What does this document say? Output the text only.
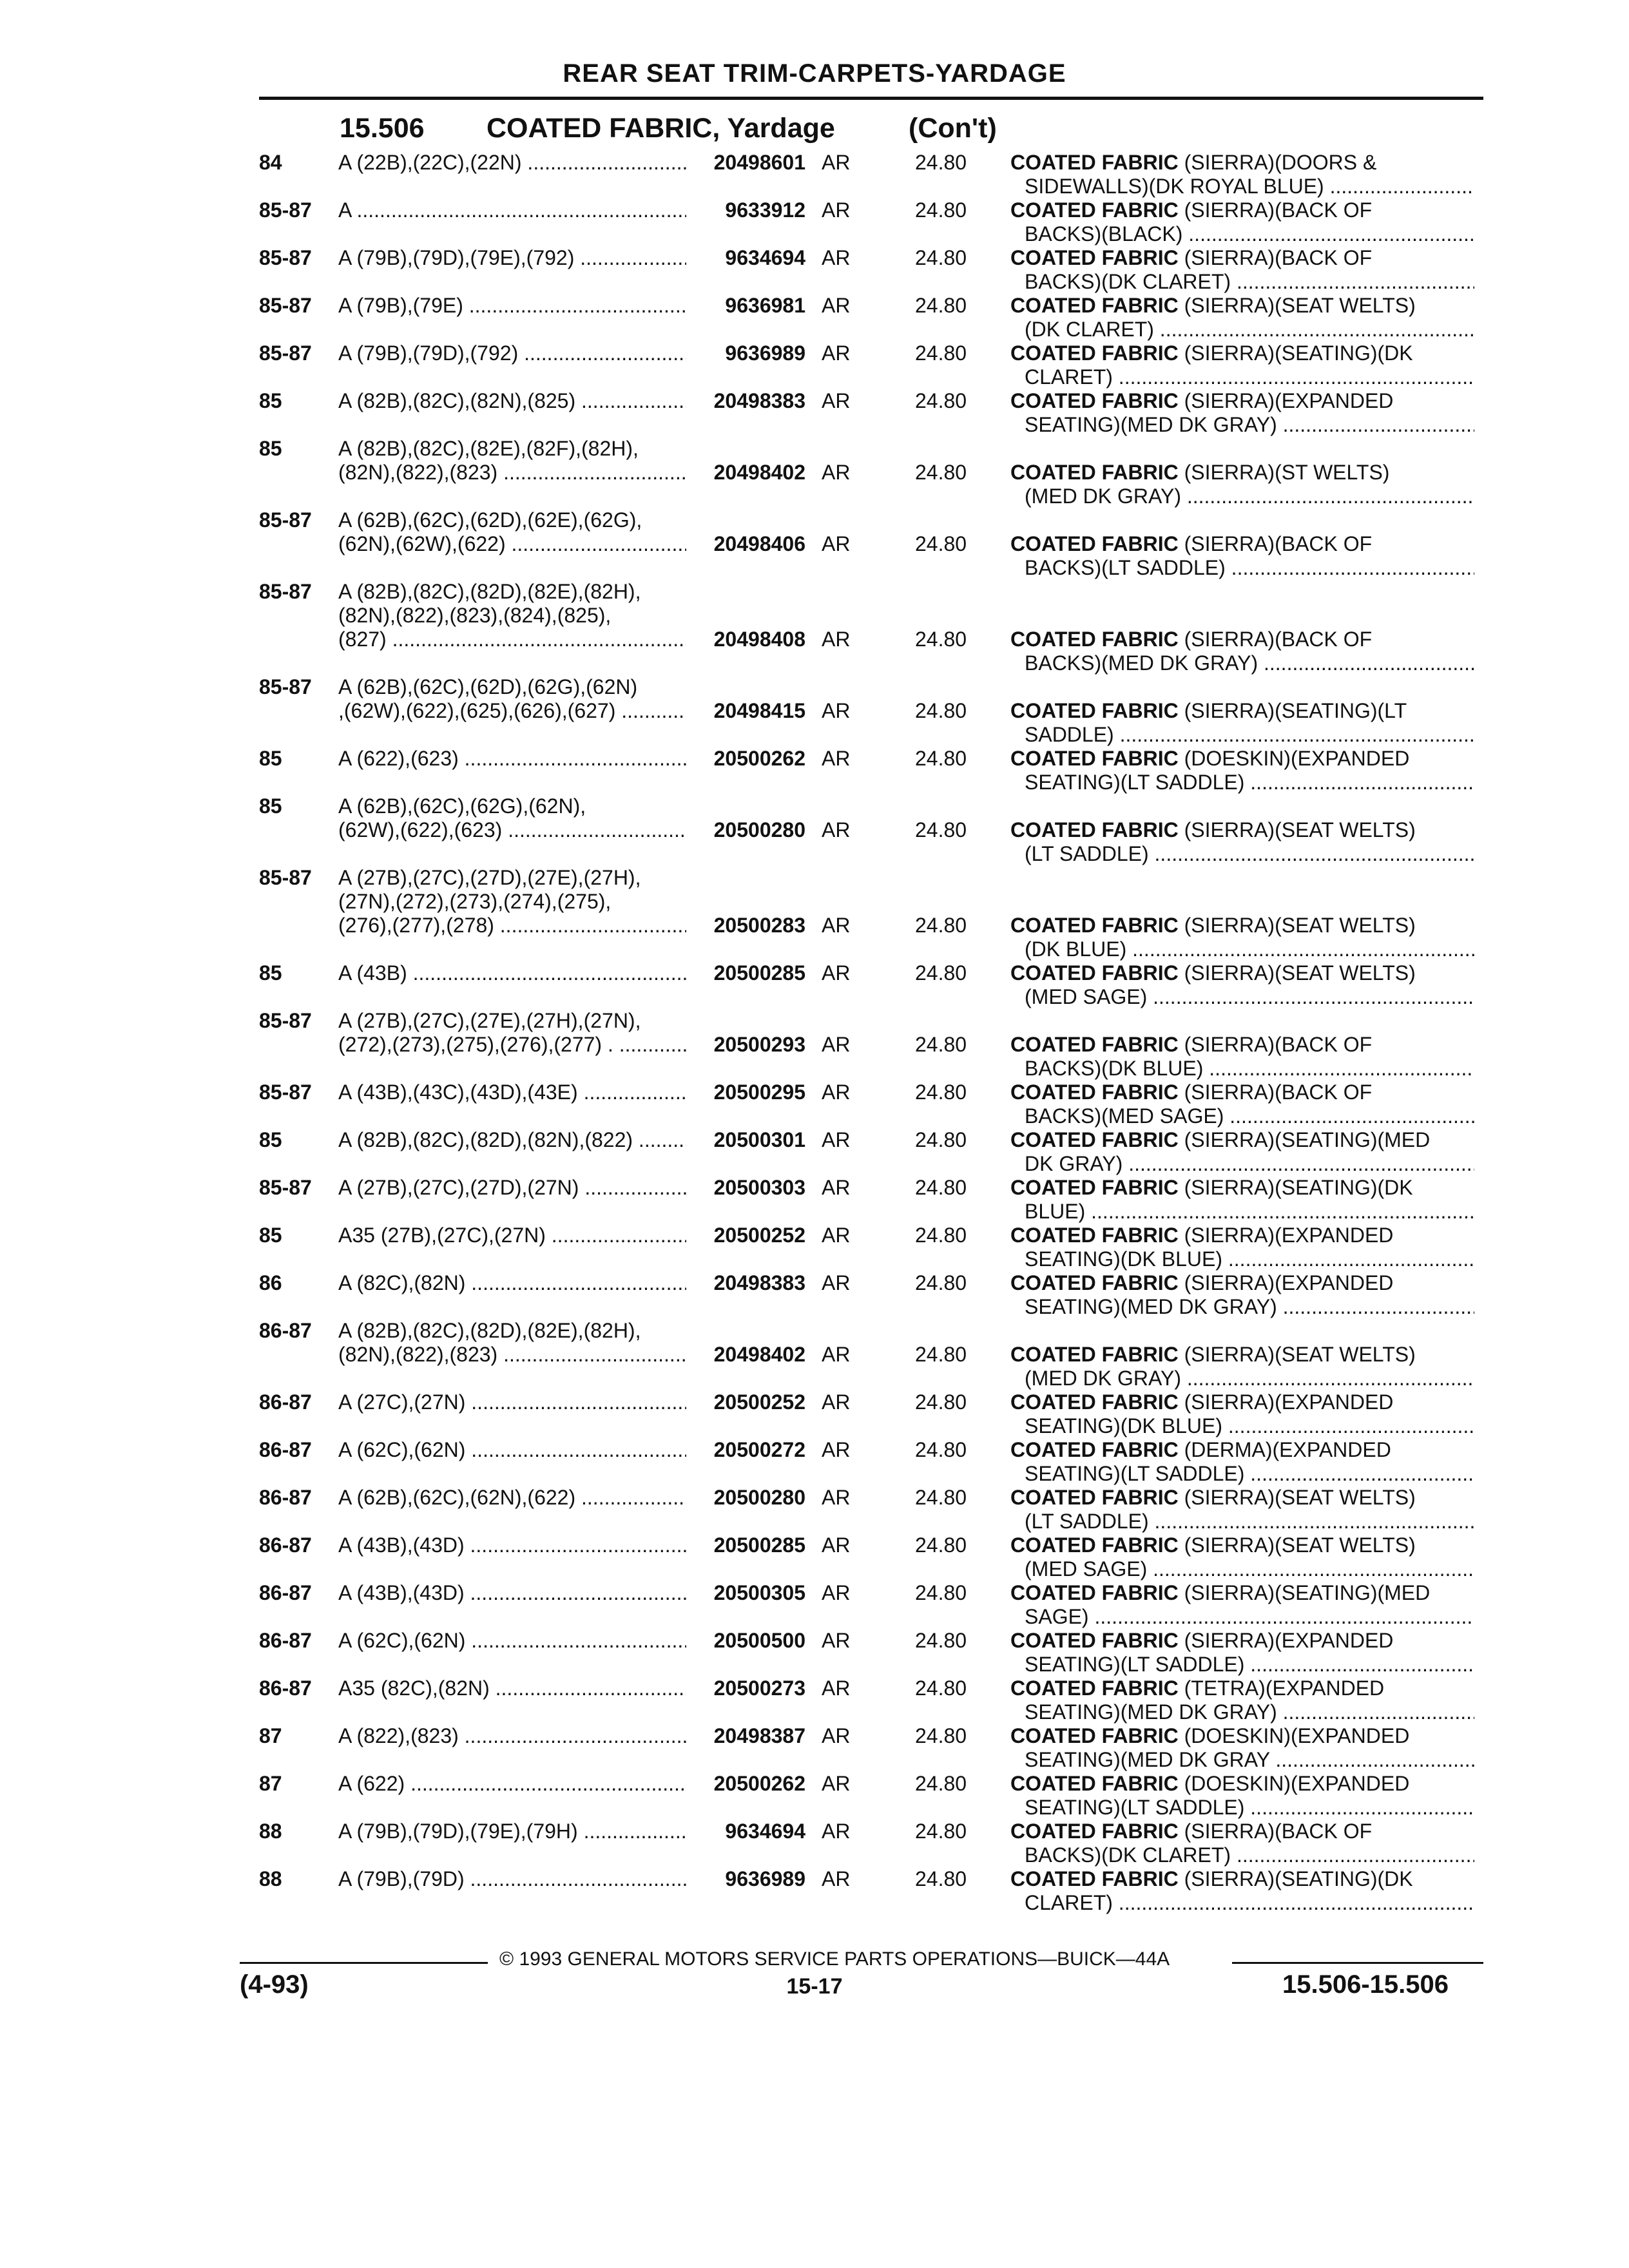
REAR SEAT TRIM-CARPETS-YARDAGE
15.506 COATED FABRIC, Yardage	(Con't)
84	A (22B),(22C),(22N) .....	20498601 AR	24.80 COATED FABRIC (SIERRA)(DOORS &
SIDEWALLS)(DK ROYAL BLUE) .....
85-87 A .....	9633912 AR	24.80 COATED FABRIC (SIERRA)(BACK OF
BACKS)(BLACK) .....
85-87 A (79B),(79D),(79E),(792) .....	9634694 AR	24.80 COATED FABRIC (SIERRA)(BACK OF
BACKS)(DK CLARET) .....
85-87 A (79B),(79E) .....	9636981 AR	24.80 COATED FABRIC (SIERRA)(SEAT WELTS)
(DK CLARET) .....
85-87 A (79B),(79D),(792) .....	9636989 AR	24.80 COATED FABRIC (SIERRA)(SEATING)(DK
CLARET) .....
85	A (82B),(82C),(82N),(825) .....	20498383 AR	24.80 COATED FABRIC (SIERRA)(EXPANDED
SEATING)(MED DK GRAY) .....
85	A (82B),(82C),(82E),(82F),(82H),
(82N),(822),(823) .....	20498402 AR	24.80 COATED FABRIC (SIERRA)(ST WELTS)
(MED DK GRAY) .....
85-87 A (62B),(62C),(62D),(62E),(62G),
(62N),(62W),(622) .....	20498406 AR	24.80 COATED FABRIC (SIERRA)(BACK OF
BACKS)(LT SADDLE) .....
85-87 A (82B),(82C),(82D),(82E),(82H),
(82N),(822),(823),(824),(825),
(827) .....	20498408 AR	24.80 COATED FABRIC (SIERRA)(BACK OF
BACKS)(MED DK GRAY) .....
85-87 A (62B),(62C),(62D),(62G),(62N)
,(62W),(622),(625),(626),(627) .....	20498415 AR	24.80 COATED FABRIC (SIERRA)(SEATING)(LT
SADDLE) .....
85	A (622),(623) .....	20500262 AR	24.80 COATED FABRIC (DOESKIN)(EXPANDED
SEATING)(LT SADDLE) .....
85	A (62B),(62C),(62G),(62N),
(62W),(622),(623) .....	20500280 AR	24.80 COATED FABRIC (SIERRA)(SEAT WELTS)
(LT SADDLE) .....
85-87 A (27B),(27C),(27D),(27E),(27H),
(27N),(272),(273),(274),(275),
(276),(277),(278) .....	20500283 AR	24.80 COATED FABRIC (SIERRA)(SEAT WELTS)
(DK BLUE) .....
85	A (43B) .....	20500285 AR	24.80 COATED FABRIC (SIERRA)(SEAT WELTS)
(MED SAGE) .....
85-87 A (27B),(27C),(27E),(27H),(27N),
(272),(273),(275),(276),(277) . .....	20500293 AR	24.80 COATED FABRIC (SIERRA)(BACK OF
BACKS)(DK BLUE) .....
85-87 A (43B),(43C),(43D),(43E) .....	20500295 AR	24.80 COATED FABRIC (SIERRA)(BACK OF
BACKS)(MED SAGE) .....
85	A (82B),(82C),(82D),(82N),(822) .....	20500301 AR	24.80 COATED FABRIC (SIERRA)(SEATING)(MED
DK GRAY) .....
85-87 A (27B),(27C),(27D),(27N) .....	20500303 AR	24.80 COATED FABRIC (SIERRA)(SEATING)(DK
BLUE) .....
85	A35 (27B),(27C),(27N) .....	20500252 AR	24.80 COATED FABRIC (SIERRA)(EXPANDED
SEATING)(DK BLUE) .....
86	A (82C),(82N) .....	20498383 AR	24.80 COATED FABRIC (SIERRA)(EXPANDED
SEATING)(MED DK GRAY) .....
86-87 A (82B),(82C),(82D),(82E),(82H),
(82N),(822),(823) .....	20498402 AR	24.80 COATED FABRIC (SIERRA)(SEAT WELTS)
(MED DK GRAY) .....
86-87 A (27C),(27N) .....	20500252 AR	24.80 COATED FABRIC (SIERRA)(EXPANDED
SEATING)(DK BLUE) .....
86-87 A (62C),(62N) .....	20500272 AR	24.80 COATED FABRIC (DERMA)(EXPANDED
SEATING)(LT SADDLE) .....
86-87 A (62B),(62C),(62N),(622) .....	20500280 AR	24.80 COATED FABRIC (SIERRA)(SEAT WELTS)
(LT SADDLE) .....
86-87 A (43B),(43D) .....	20500285 AR	24.80 COATED FABRIC (SIERRA)(SEAT WELTS)
(MED SAGE) .....
86-87 A (43B),(43D) .....	20500305 AR	24.80 COATED FABRIC (SIERRA)(SEATING)(MED
SAGE) .....
86-87 A (62C),(62N) .....	20500500 AR	24.80 COATED FABRIC (SIERRA)(EXPANDED
SEATING)(LT SADDLE) .....
86-87 A35 (82C),(82N) .....	20500273 AR	24.80 COATED FABRIC (TETRA)(EXPANDED
SEATING)(MED DK GRAY) .....
87	A (822),(823) .....	20498387 AR	24.80 COATED FABRIC (DOESKIN)(EXPANDED
SEATING)(MED DK GRAY .....
87	A (622) .....	20500262 AR	24.80 COATED FABRIC (DOESKIN)(EXPANDED
SEATING)(LT SADDLE) .....
88	A (79B),(79D),(79E),(79H) .....	9634694 AR	24.80 COATED FABRIC (SIERRA)(BACK OF
BACKS)(DK CLARET) .....
88	A (79B),(79D) .....	9636989 AR	24.80 COATED FABRIC (SIERRA)(SEATING)(DK
CLARET) .....
© 1993 GENERAL MOTORS SERVICE PARTS OPERATIONS—BUICK—44A
(4-93)	15-17	15.506-15.506
